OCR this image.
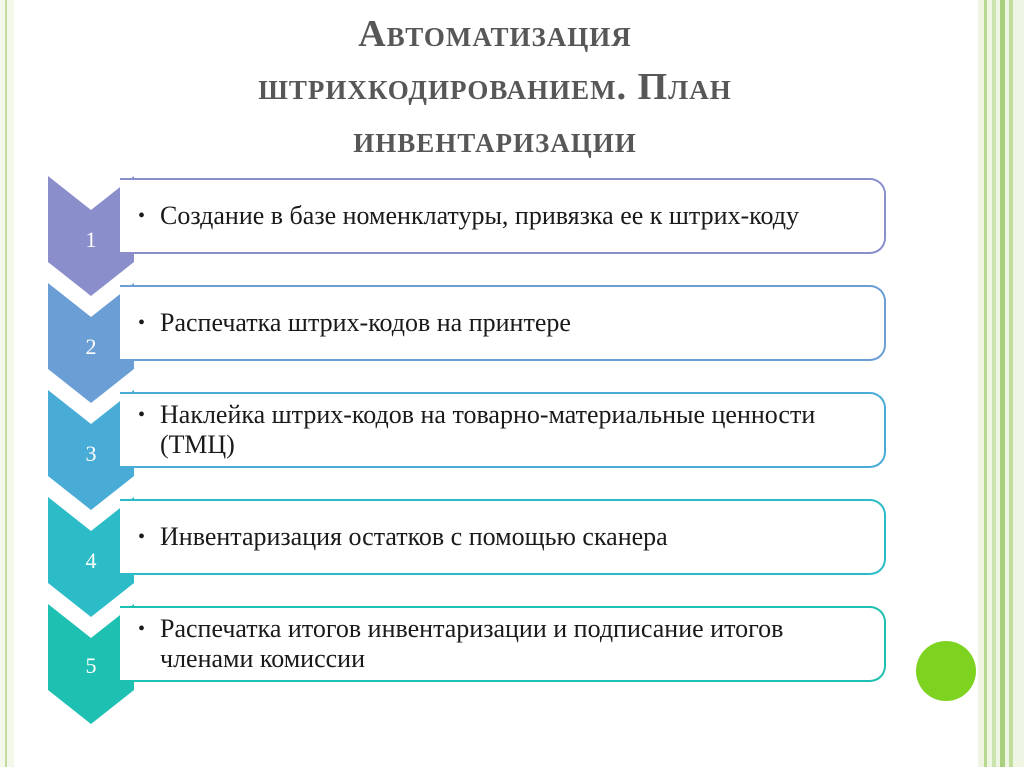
Автоматизация
штрихкодированием. План
инвентаризации
• Создание в базе номенклатуры, привязка ее к штрих-коду
1
• Распечатка штрих-кодов на принтере
2
• Наклейка штрих-кодов на товарно-материальные ценности (ТМЦ)
3
• Инвентаризация остатков с помощью сканера
4
• Распечатка итогов инвентаризации и подписание итогов членами комиссии
5
